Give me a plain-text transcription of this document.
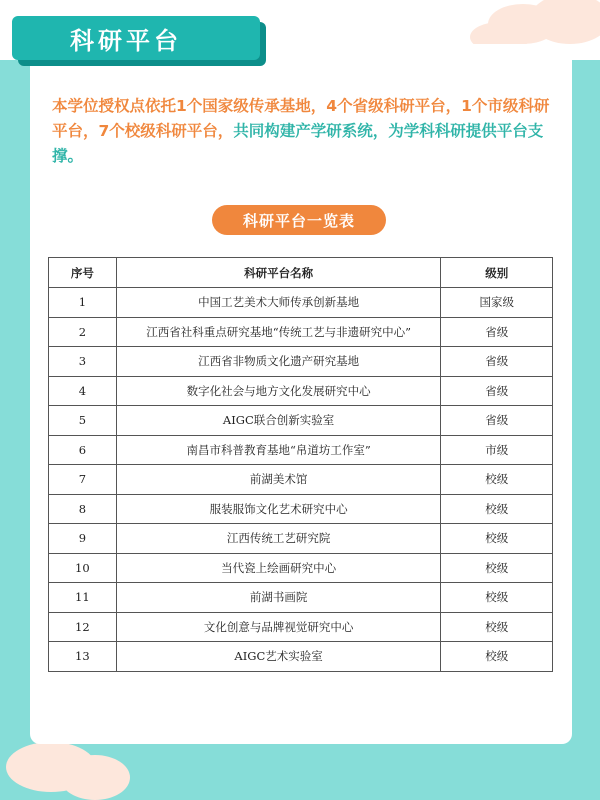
科研平台
本学位授权点依托1个国家级传承基地，4个省级科研平台，1个市级科研平台，7个校级科研平台，共同构建产学研系统，为学科科研提供平台支撑。
科研平台一览表
序号	科研平台名称	级别
1	中国工艺美术大师传承创新基地	国家级
2	江西省社科重点研究基地“传统工艺与非遗研究中心”	省级
3	江西省非物质文化遗产研究基地	省级
4	数字化社会与地方文化发展研究中心	省级
5	AIGC联合创新实验室	省级
6	南昌市科普教育基地“帛道坊工作室”	市级
7	前湖美术馆	校级
8	服装服饰文化艺术研究中心	校级
9	江西传统工艺研究院	校级
10	当代瓷上绘画研究中心	校级
11	前湖书画院	校级
12	文化创意与品牌视觉研究中心	校级
13	AIGC艺术实验室	校级
